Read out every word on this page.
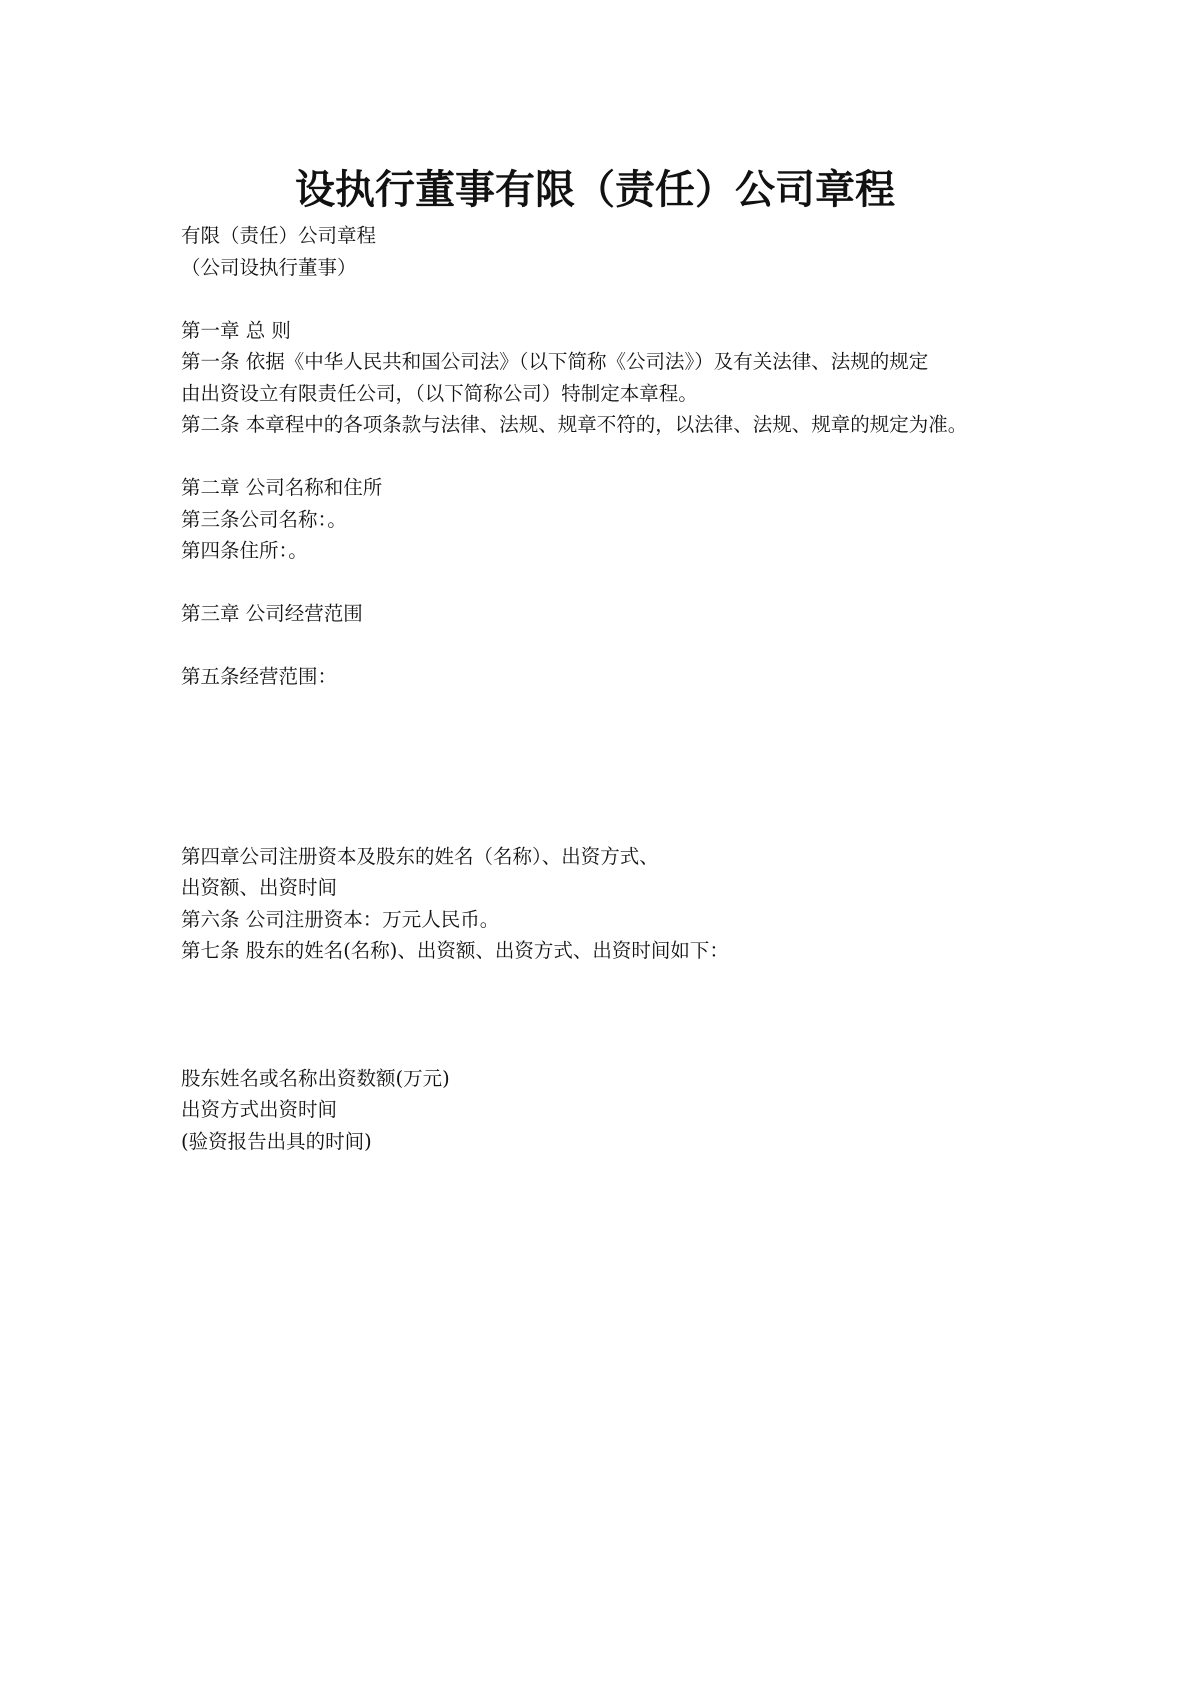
设执行董事有限（责任）公司章程
有限（责任）公司章程
（公司设执行董事）
第一章 总 则
第一条 依据《中华人民共和国公司法》（以下简称《公司法》）及有关法律、法规的规定
由出资设立有限责任公司，（以下简称公司）特制定本章程。
第二条 本章程中的各项条款与法律、法规、规章不符的，以法律、法规、规章的规定为准。
第二章 公司名称和住所
第三条公司名称：。
第四条住所：。
第三章 公司经营范围
第五条经营范围：
第四章公司注册资本及股东的姓名（名称）、出资方式、
出资额、出资时间
第六条 公司注册资本：万元人民币。
第七条 股东的姓名(名称)、出资额、出资方式、出资时间如下：
股东姓名或名称出资数额(万元)
出资方式出资时间
(验资报告出具的时间)
